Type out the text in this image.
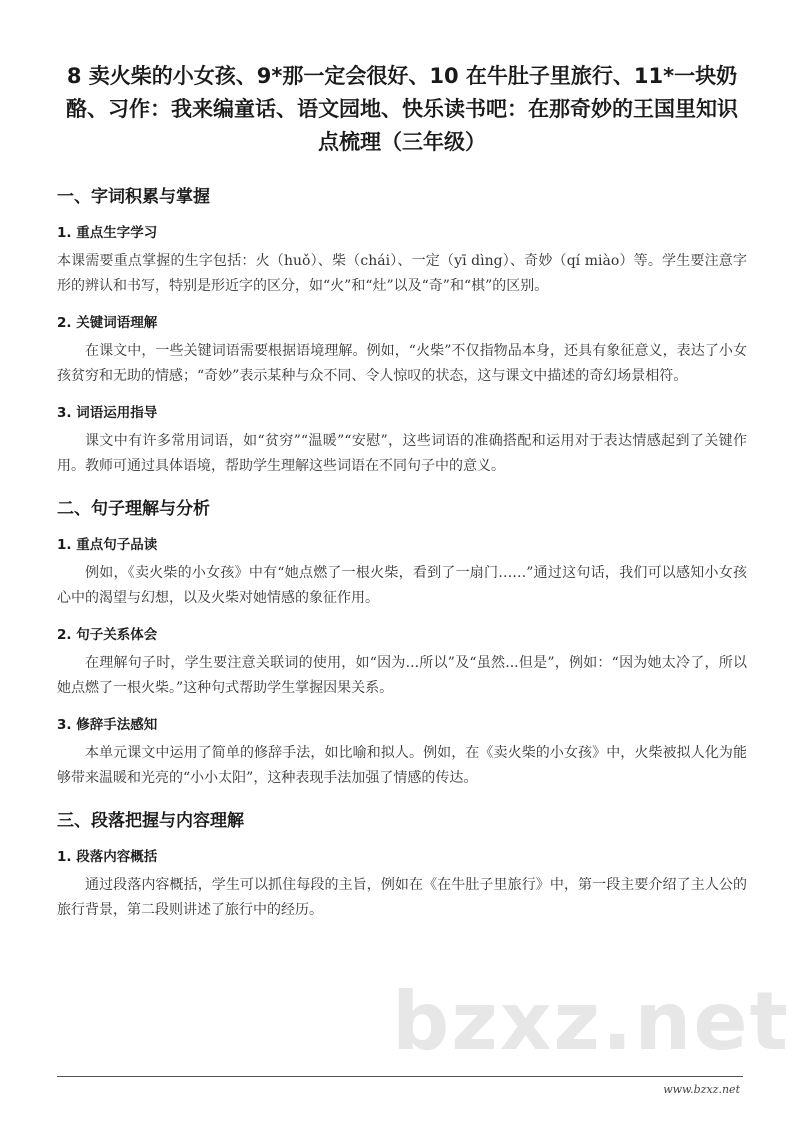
8 卖火柴的小女孩、9*那一定会很好、10 在牛肚子里旅行、11*一块奶酪、习作：我来编童话、语文园地、快乐读书吧：在那奇妙的王国里知识点梳理（三年级）
一、字词积累与掌握
1. 重点生字学习

本课需要重点掌握的生字包括：火（huǒ）、柴（chái）、一定（yī dìng）、奇妙（qí miào）等。学生要注意字形的辨认和书写，特别是形近字的区分，如“火”和“灶”以及“奇”和“棋”的区别。

2. 关键词语理解

在课文中，一些关键词语需要根据语境理解。例如，“火柴”不仅指物品本身，还具有象征意义，表达了小女孩贫穷和无助的情感；“奇妙”表示某种与众不同、令人惊叹的状态，这与课文中描述的奇幻场景相符。

3. 词语运用指导

课文中有许多常用词语，如“贫穷”“温暖”“安慰”，这些词语的准确搭配和运用对于表达情感起到了关键作用。教师可通过具体语境，帮助学生理解这些词语在不同句子中的意义。

二、句子理解与分析
1. 重点句子品读

例如，《卖火柴的小女孩》中有“她点燃了一根火柴，看到了一扇门……”通过这句话，我们可以感知小女孩心中的渴望与幻想，以及火柴对她情感的象征作用。

2. 句子关系体会

在理解句子时，学生要注意关联词的使用，如“因为...所以”及“虽然...但是”，例如：“因为她太冷了，所以她点燃了一根火柴。”这种句式帮助学生掌握因果关系。

3. 修辞手法感知

本单元课文中运用了简单的修辞手法，如比喻和拟人。例如，在《卖火柴的小女孩》中，火柴被拟人化为能够带来温暖和光亮的“小小太阳”，这种表现手法加强了情感的传达。

三、段落把握与内容理解
1. 段落内容概括

通过段落内容概括，学生可以抓住每段的主旨，例如在《在牛肚子里旅行》中，第一段主要介绍了主人公的旅行背景，第二段则讲述了旅行中的经历。

bzxz.net
www.bzxz.net
